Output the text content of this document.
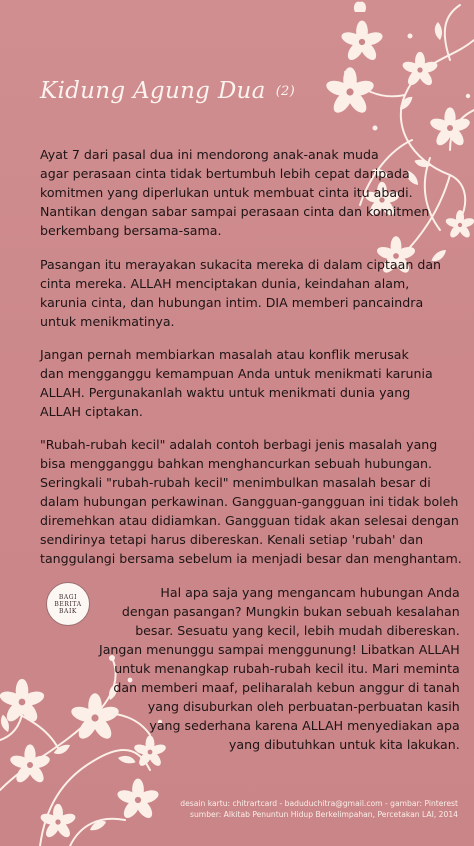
Kidung Agung Dua (2)

Ayat 7 dari pasal dua ini mendorong anak-anak muda
agar perasaan cinta tidak bertumbuh lebih cepat daripada
komitmen yang diperlukan untuk membuat cinta itu abadi.
Nantikan dengan sabar sampai perasaan cinta dan komitmen
berkembang bersama-sama.

Pasangan itu merayakan sukacita mereka di dalam ciptaan dan
cinta mereka. ALLAH menciptakan dunia, keindahan alam,
karunia cinta, dan hubungan intim. DIA memberi pancaindra
untuk menikmatinya.

Jangan pernah membiarkan masalah atau konflik merusak
dan mengganggu kemampuan Anda untuk menikmati karunia
ALLAH. Pergunakanlah waktu untuk menikmati dunia yang
ALLAH ciptakan.

"Rubah-rubah kecil" adalah contoh berbagi jenis masalah yang
bisa mengganggu bahkan menghancurkan sebuah hubungan.
Seringkali "rubah-rubah kecil" menimbulkan masalah besar di
dalam hubungan perkawinan. Gangguan-gangguan ini tidak boleh
diremehkan atau didiamkan. Gangguan tidak akan selesai dengan
sendirinya tetapi harus dibereskan. Kenali setiap 'rubah' dan
tanggulangi bersama sebelum ia menjadi besar dan menghantam.

BAGI
BERITA
BAIK

Hal apa saja yang mengancam hubungan Anda
dengan pasangan? Mungkin bukan sebuah kesalahan
besar. Sesuatu yang kecil, lebih mudah dibereskan.
Jangan menunggu sampai menggunung! Libatkan ALLAH
untuk menangkap rubah-rubah kecil itu. Mari meminta
dan memberi maaf, peliharalah kebun anggur di tanah
yang disuburkan oleh perbuatan-perbuatan kasih
yang sederhana karena ALLAH menyediakan apa
yang dibutuhkan untuk kita lakukan.

desain kartu: chitrartcard - baduduchitra@gmail.com - gambar: Pinterest
sumber: Alkitab Penuntun Hidup Berkelimpahan, Percetakan LAI, 2014
